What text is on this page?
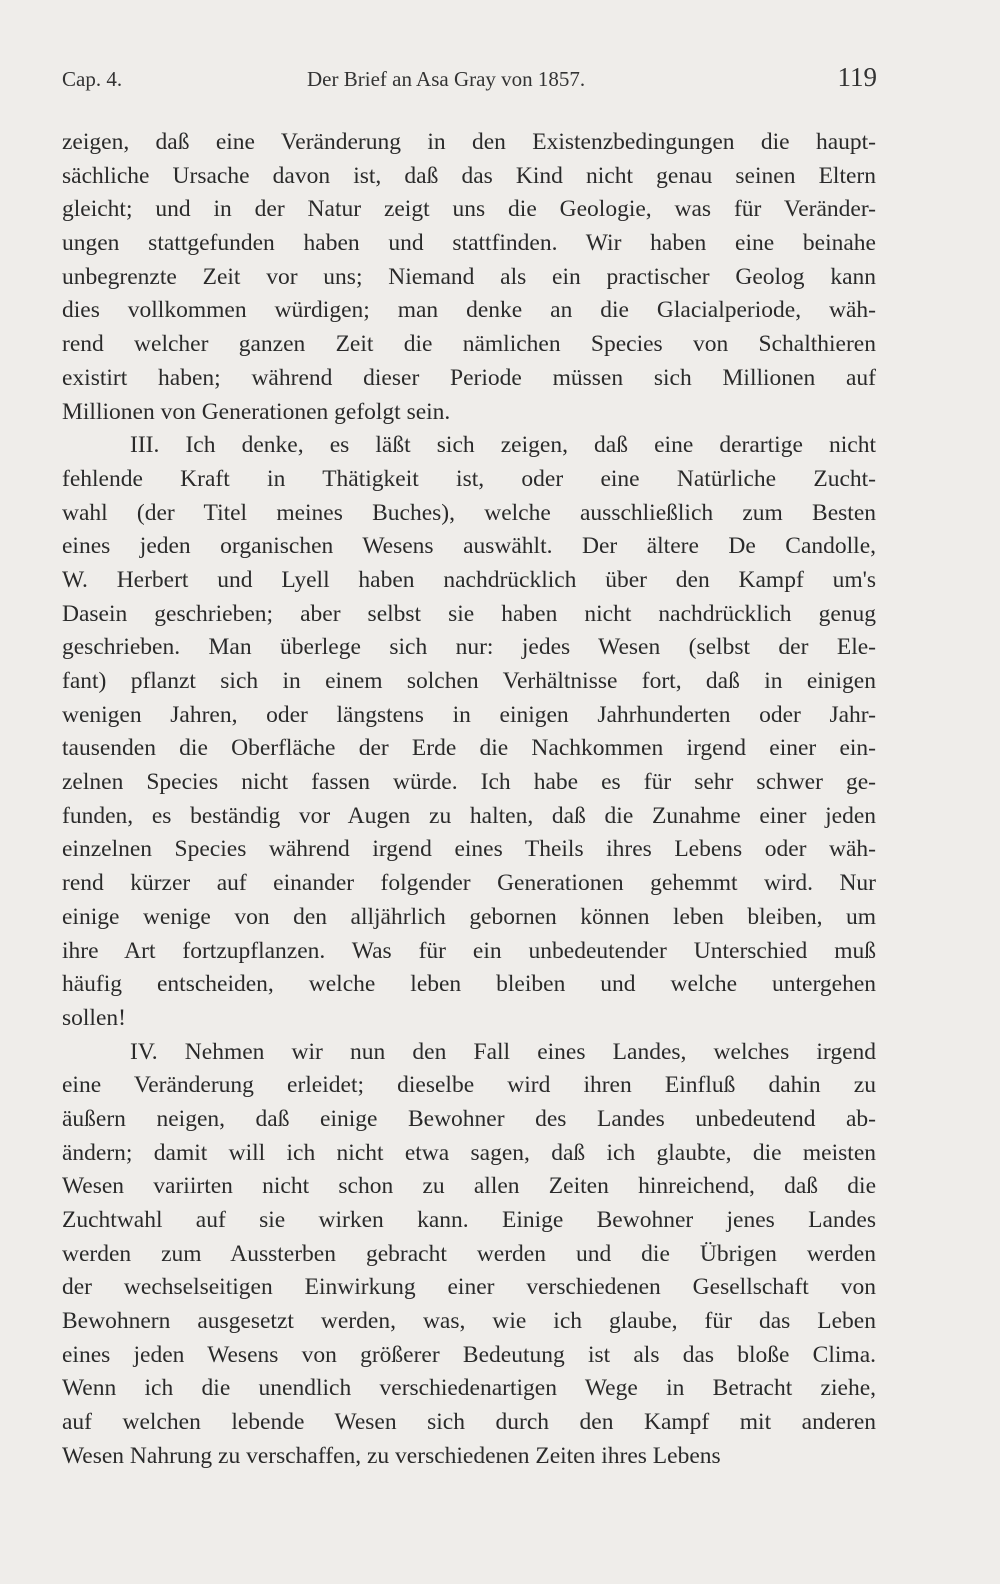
Cap. 4.	Der Brief an Asa Gray von 1857.	119
zeigen, daß eine Veränderung in den Existenzbedingungen die haupt-
sächliche Ursache davon ist, daß das Kind nicht genau seinen Eltern
gleicht; und in der Natur zeigt uns die Geologie, was für Veränder-
ungen stattgefunden haben und stattfinden. Wir haben eine beinahe
unbegrenzte Zeit vor uns; Niemand als ein practischer Geolog kann
dies vollkommen würdigen; man denke an die Glacialperiode, wäh-
rend welcher ganzen Zeit die nämlichen Species von Schalthieren
existirt haben; während dieser Periode müssen sich Millionen auf
Millionen von Generationen gefolgt sein.
III. Ich denke, es läßt sich zeigen, daß eine derartige nicht
fehlende Kraft in Thätigkeit ist, oder eine Natürliche Zucht-
wahl (der Titel meines Buches), welche ausschließlich zum Besten
eines jeden organischen Wesens auswählt. Der ältere De Candolle,
W. Herbert und Lyell haben nachdrücklich über den Kampf um's
Dasein geschrieben; aber selbst sie haben nicht nachdrücklich genug
geschrieben. Man überlege sich nur: jedes Wesen (selbst der Ele-
fant) pflanzt sich in einem solchen Verhältnisse fort, daß in einigen
wenigen Jahren, oder längstens in einigen Jahrhunderten oder Jahr-
tausenden die Oberfläche der Erde die Nachkommen irgend einer ein-
zelnen Species nicht fassen würde. Ich habe es für sehr schwer ge-
funden, es beständig vor Augen zu halten, daß die Zunahme einer jeden
einzelnen Species während irgend eines Theils ihres Lebens oder wäh-
rend kürzer auf einander folgender Generationen gehemmt wird. Nur
einige wenige von den alljährlich gebornen können leben bleiben, um
ihre Art fortzupflanzen. Was für ein unbedeutender Unterschied muß
häufig entscheiden, welche leben bleiben und welche untergehen
sollen!
IV. Nehmen wir nun den Fall eines Landes, welches irgend
eine Veränderung erleidet; dieselbe wird ihren Einfluß dahin zu
äußern neigen, daß einige Bewohner des Landes unbedeutend ab-
ändern; damit will ich nicht etwa sagen, daß ich glaubte, die meisten
Wesen variirten nicht schon zu allen Zeiten hinreichend, daß die
Zuchtwahl auf sie wirken kann. Einige Bewohner jenes Landes
werden zum Aussterben gebracht werden und die Übrigen werden
der wechselseitigen Einwirkung einer verschiedenen Gesellschaft von
Bewohnern ausgesetzt werden, was, wie ich glaube, für das Leben
eines jeden Wesens von größerer Bedeutung ist als das bloße Clima.
Wenn ich die unendlich verschiedenartigen Wege in Betracht ziehe,
auf welchen lebende Wesen sich durch den Kampf mit anderen
Wesen Nahrung zu verschaffen, zu verschiedenen Zeiten ihres Lebens
